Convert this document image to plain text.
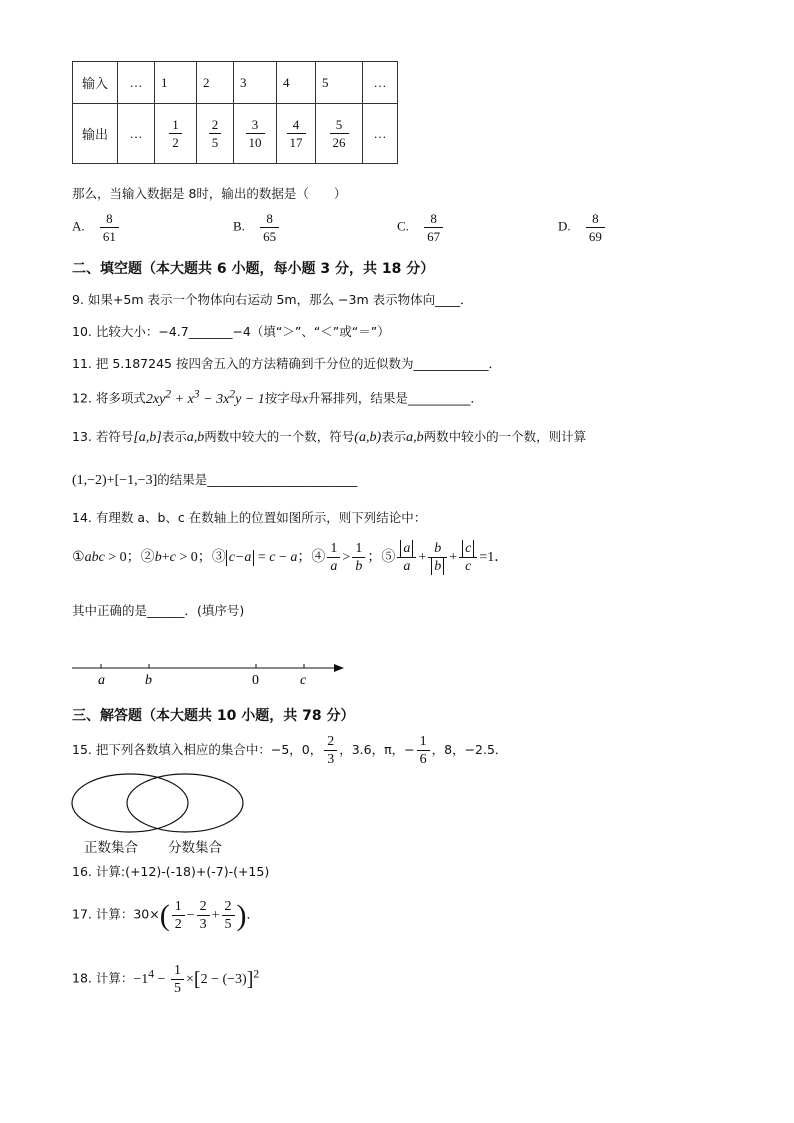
输入	…	1	2	3	4	5	…
输出	…	$\frac{1}{2}$	$\frac{2}{5}$	$\frac{3}{10}$	$\frac{4}{17}$	$\frac{5}{26}$	…
那么，当输入数据是 8时，输出的数据是（　　）
A. $\frac{8}{61}$	B. $\frac{8}{65}$	C. $\frac{8}{67}$	D. $\frac{8}{69}$
二、填空题（本大题共 6 小题，每小题 3 分，共 18 分）
9. 如果+5m 表示一个物体向右运动 5m，那么 −3m 表示物体向____．
10. 比较大小：−4.7_______−4（填“＞”、“＜”或“＝”）
11. 把 5.187245 按四舍五入的方法精确到千分位的近似数为____________．
12. 将多项式$2xy^2 + x^3 - 3x^2y - 1$按字母x升幂排列，结果是__________．
13. 若符号[a,b]表示a,b两数中较大的一个数，符号(a,b)表示a,b两数中较小的一个数，则计算
(1,−2)+[−1,−3]的结果是________________________
14. 有理数 a、b、c 在数轴上的位置如图所示，则下列结论中：
①abc > 0；②b+c > 0；③ c−a = c − a；④ $\frac{1}{a} > \frac{1}{b}$ ；⑤ $\frac{a}{a} + \frac{b}{b} + \frac{c}{c} =1$．
其中正确的是______．(填序号)
a	b	0	c
三、解答题（本大题共 10 小题，共 78 分）
15. 把下列各数填入相应的集合中：−5，0， $\frac{2}{3}$ ，3.6，π，− $\frac{1}{6}$ ，8，−2.5．
正数集合 分数集合
16. 计算:(+12)-(-18)+(-7)-(+15)
17. 计算：$30\times( \frac{1}{2} - \frac{2}{3} + \frac{2}{5}$ )．
18. 计算：$-1^4 - \frac{1}{5} \times[2 - (-3)]^2$
